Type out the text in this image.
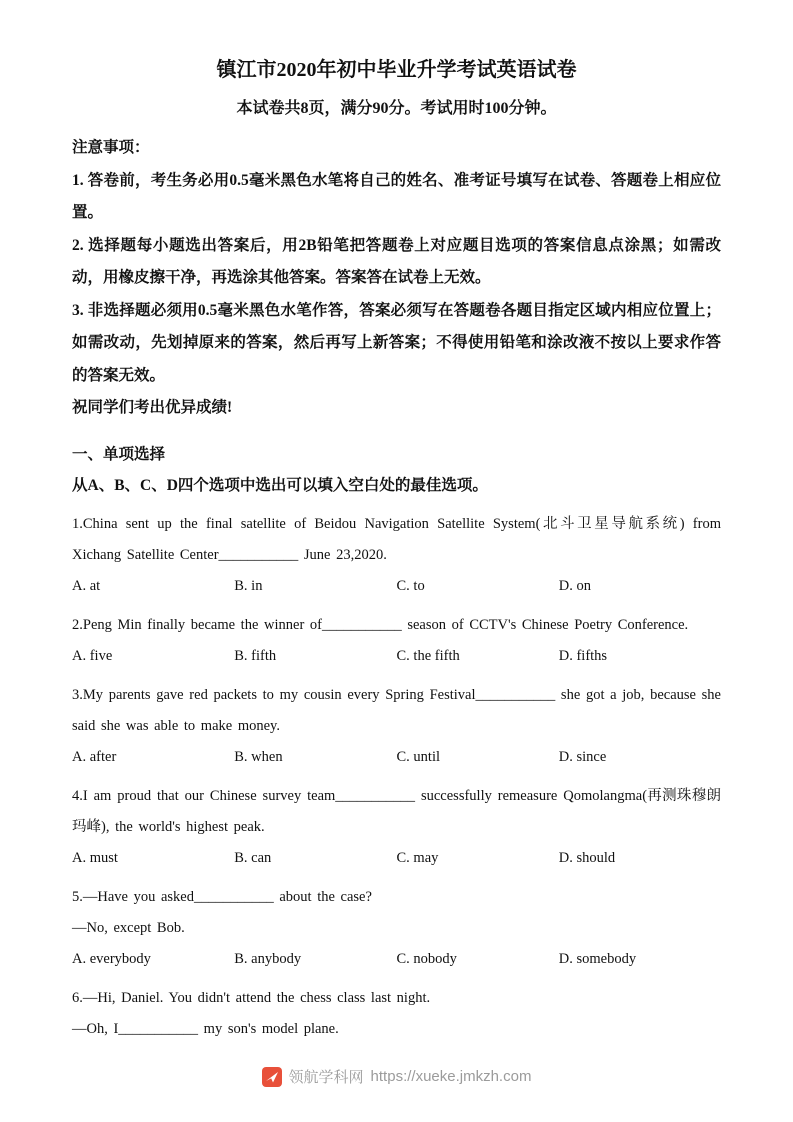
镇江市2020年初中毕业升学考试英语试卷
本试卷共8页，满分90分。考试用时100分钟。

注意事项：

1. 答卷前，考生务必用0.5毫米黑色水笔将自己的姓名、准考证号填写在试卷、答题卷上相应位置。

2. 选择题每小题选出答案后，用2B铅笔把答题卷上对应题目选项的答案信息点涂黑；如需改动，用橡皮擦干净，再选涂其他答案。答案答在试卷上无效。

3. 非选择题必须用0.5毫米黑色水笔作答，答案必须写在答题卷各题目指定区域内相应位置上；如需改动，先划掉原来的答案，然后再写上新答案；不得使用铅笔和涂改液不按以上要求作答的答案无效。

祝同学们考出优异成绩!

一、单项选择
从A、B、C、D四个选项中选出可以填入空白处的最佳选项。

1.China sent up the final satellite of Beidou Navigation Satellite System(北斗卫星导航系统) from Xichang Satellite Center___________ June 23,2020.

A. at	B. in	C. to	D. on

2.Peng Min finally became the winner of___________ season of CCTV's Chinese Poetry Conference.

A. five	B. fifth	C. the fifth	D. fifths

3.My parents gave red packets to my cousin every Spring Festival___________ she got a job, because she said she was able to make money.

A. after	B. when	C. until	D. since

4.I am proud that our Chinese survey team___________ successfully remeasure Qomolangma(再测珠穆朗玛峰), the world's highest peak.

A. must	B. can	C. may	D. should

5.—Have you asked___________ about the case?

—No, except Bob.

A. everybody	B. anybody	C. nobody	D. somebody

6.—Hi, Daniel. You didn't attend the chess class last night.

—Oh, I___________ my son's model plane.

领航学科网 https://xueke.jmkzh.com
